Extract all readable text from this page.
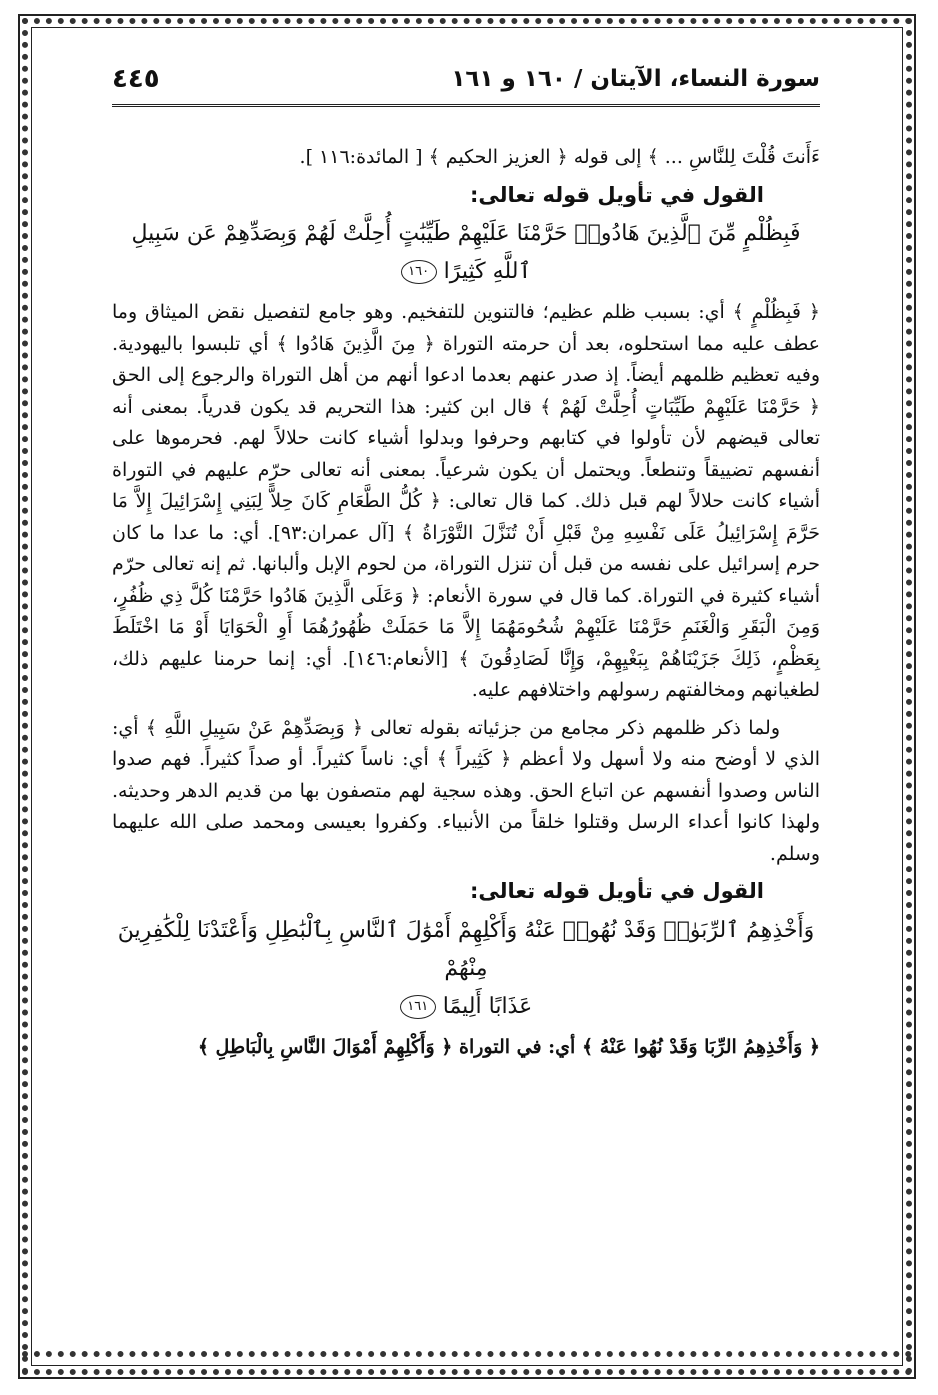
سورة النساء، الآيتان / ١٦٠ و ١٦١
٤٤٥

ءَأَنتَ قُلْتَ لِلنَّاسِ ... ﴾ إلى قوله ﴿ العزيز الحكيم ﴾ [ المائدة:١١٦ ].

القول في تأويل قوله تعالى:
فَبِظُلْمٍ مِّنَ ٱلَّذِينَ هَادُوا۟ حَرَّمْنَا عَلَيْهِمْ طَيِّبَٰتٍ أُحِلَّتْ لَهُمْ وَبِصَدِّهِمْ عَن سَبِيلِ
ٱللَّهِ كَثِيرًا ١٦٠

﴿ فَبِظُلْمٍ ﴾ أي: بسبب ظلم عظيم؛ فالتنوين للتفخيم. وهو جامع لتفصيل نقض الميثاق وما عطف عليه مما استحلوه، بعد أن حرمته التوراة ﴿ مِنَ الَّذِينَ هَادُوا ﴾ أي تلبسوا باليهودية. وفيه تعظيم ظلمهم أيضاً. إذ صدر عنهم بعدما ادعوا أنهم من أهل التوراة والرجوع إلى الحق ﴿ حَرَّمْنَا عَلَيْهِمْ طَيِّبَاتٍ أُحِلَّتْ لَهُمْ ﴾ قال ابن كثير: هذا التحريم قد يكون قدرياً. بمعنى أنه تعالى قيضهم لأن تأولوا في كتابهم وحرفوا وبدلوا أشياء كانت حلالاً لهم. فحرموها على أنفسهم تضييقاً وتنطعاً. ويحتمل أن يكون شرعياً. بمعنى أنه تعالى حرّم عليهم في التوراة أشياء كانت حلالاً لهم قبل ذلك. كما قال تعالى: ﴿ كُلُّ الطَّعَامِ كَانَ حِلاًّ لِبَنِي إِسْرَائِيلَ إِلاَّ مَا حَرَّمَ إِسْرَائِيلُ عَلَى نَفْسِهِ مِنْ قَبْلِ أَنْ تُنَزَّلَ التَّوْرَاةُ ﴾ [آل عمران:٩٣]. أي: ما عدا ما كان حرم إسرائيل على نفسه من قبل أن تنزل التوراة، من لحوم الإبل وألبانها. ثم إنه تعالى حرّم أشياء كثيرة في التوراة. كما قال في سورة الأنعام: ﴿ وَعَلَى الَّذِينَ هَادُوا حَرَّمْنَا كُلَّ ذِي ظُفُرٍ، وَمِنَ الْبَقَرِ وَالْغَنَمِ حَرَّمْنَا عَلَيْهِمْ شُحُومَهُمَا إِلاَّ مَا حَمَلَتْ ظُهُورُهُمَا أَوِ الْحَوَايَا أَوْ مَا اخْتَلَطَ بِعَظْمٍ، ذَلِكَ جَزَيْنَاهُمْ بِبَغْيِهِمْ، وَإِنَّا لَصَادِقُونَ ﴾ [الأنعام:١٤٦]. أي: إنما حرمنا عليهم ذلك، لطغيانهم ومخالفتهم رسولهم واختلافهم عليه.

ولما ذكر ظلمهم ذكر مجامع من جزئياته بقوله تعالى ﴿ وَبِصَدِّهِمْ عَنْ سَبِيلِ اللَّهِ ﴾ أي: الذي لا أوضح منه ولا أسهل ولا أعظم ﴿ كَثِيراً ﴾ أي: ناساً كثيراً. أو صداً كثيراً. فهم صدوا الناس وصدوا أنفسهم عن اتباع الحق. وهذه سجية لهم متصفون بها من قديم الدهر وحديثه. ولهذا كانوا أعداء الرسل وقتلوا خلقاً من الأنبياء. وكفروا بعيسى ومحمد صلى الله عليهما وسلم.

القول في تأويل قوله تعالى:
وَأَخْذِهِمُ ٱلرِّبَوٰا۟ وَقَدْ نُهُوا۟ عَنْهُ وَأَكْلِهِمْ أَمْوَٰلَ ٱلنَّاسِ بِٱلْبَٰطِلِ وَأَعْتَدْنَا لِلْكَٰفِرِينَ مِنْهُمْ
عَذَابًا أَلِيمًا ١٦١

﴿ وَأَخْذِهِمُ الرِّبَا وَقَدْ نُهُوا عَنْهُ ﴾ أي: في التوراة ﴿ وَأَكْلِهِمْ أَمْوَالَ النَّاسِ بِالْبَاطِلِ ﴾
